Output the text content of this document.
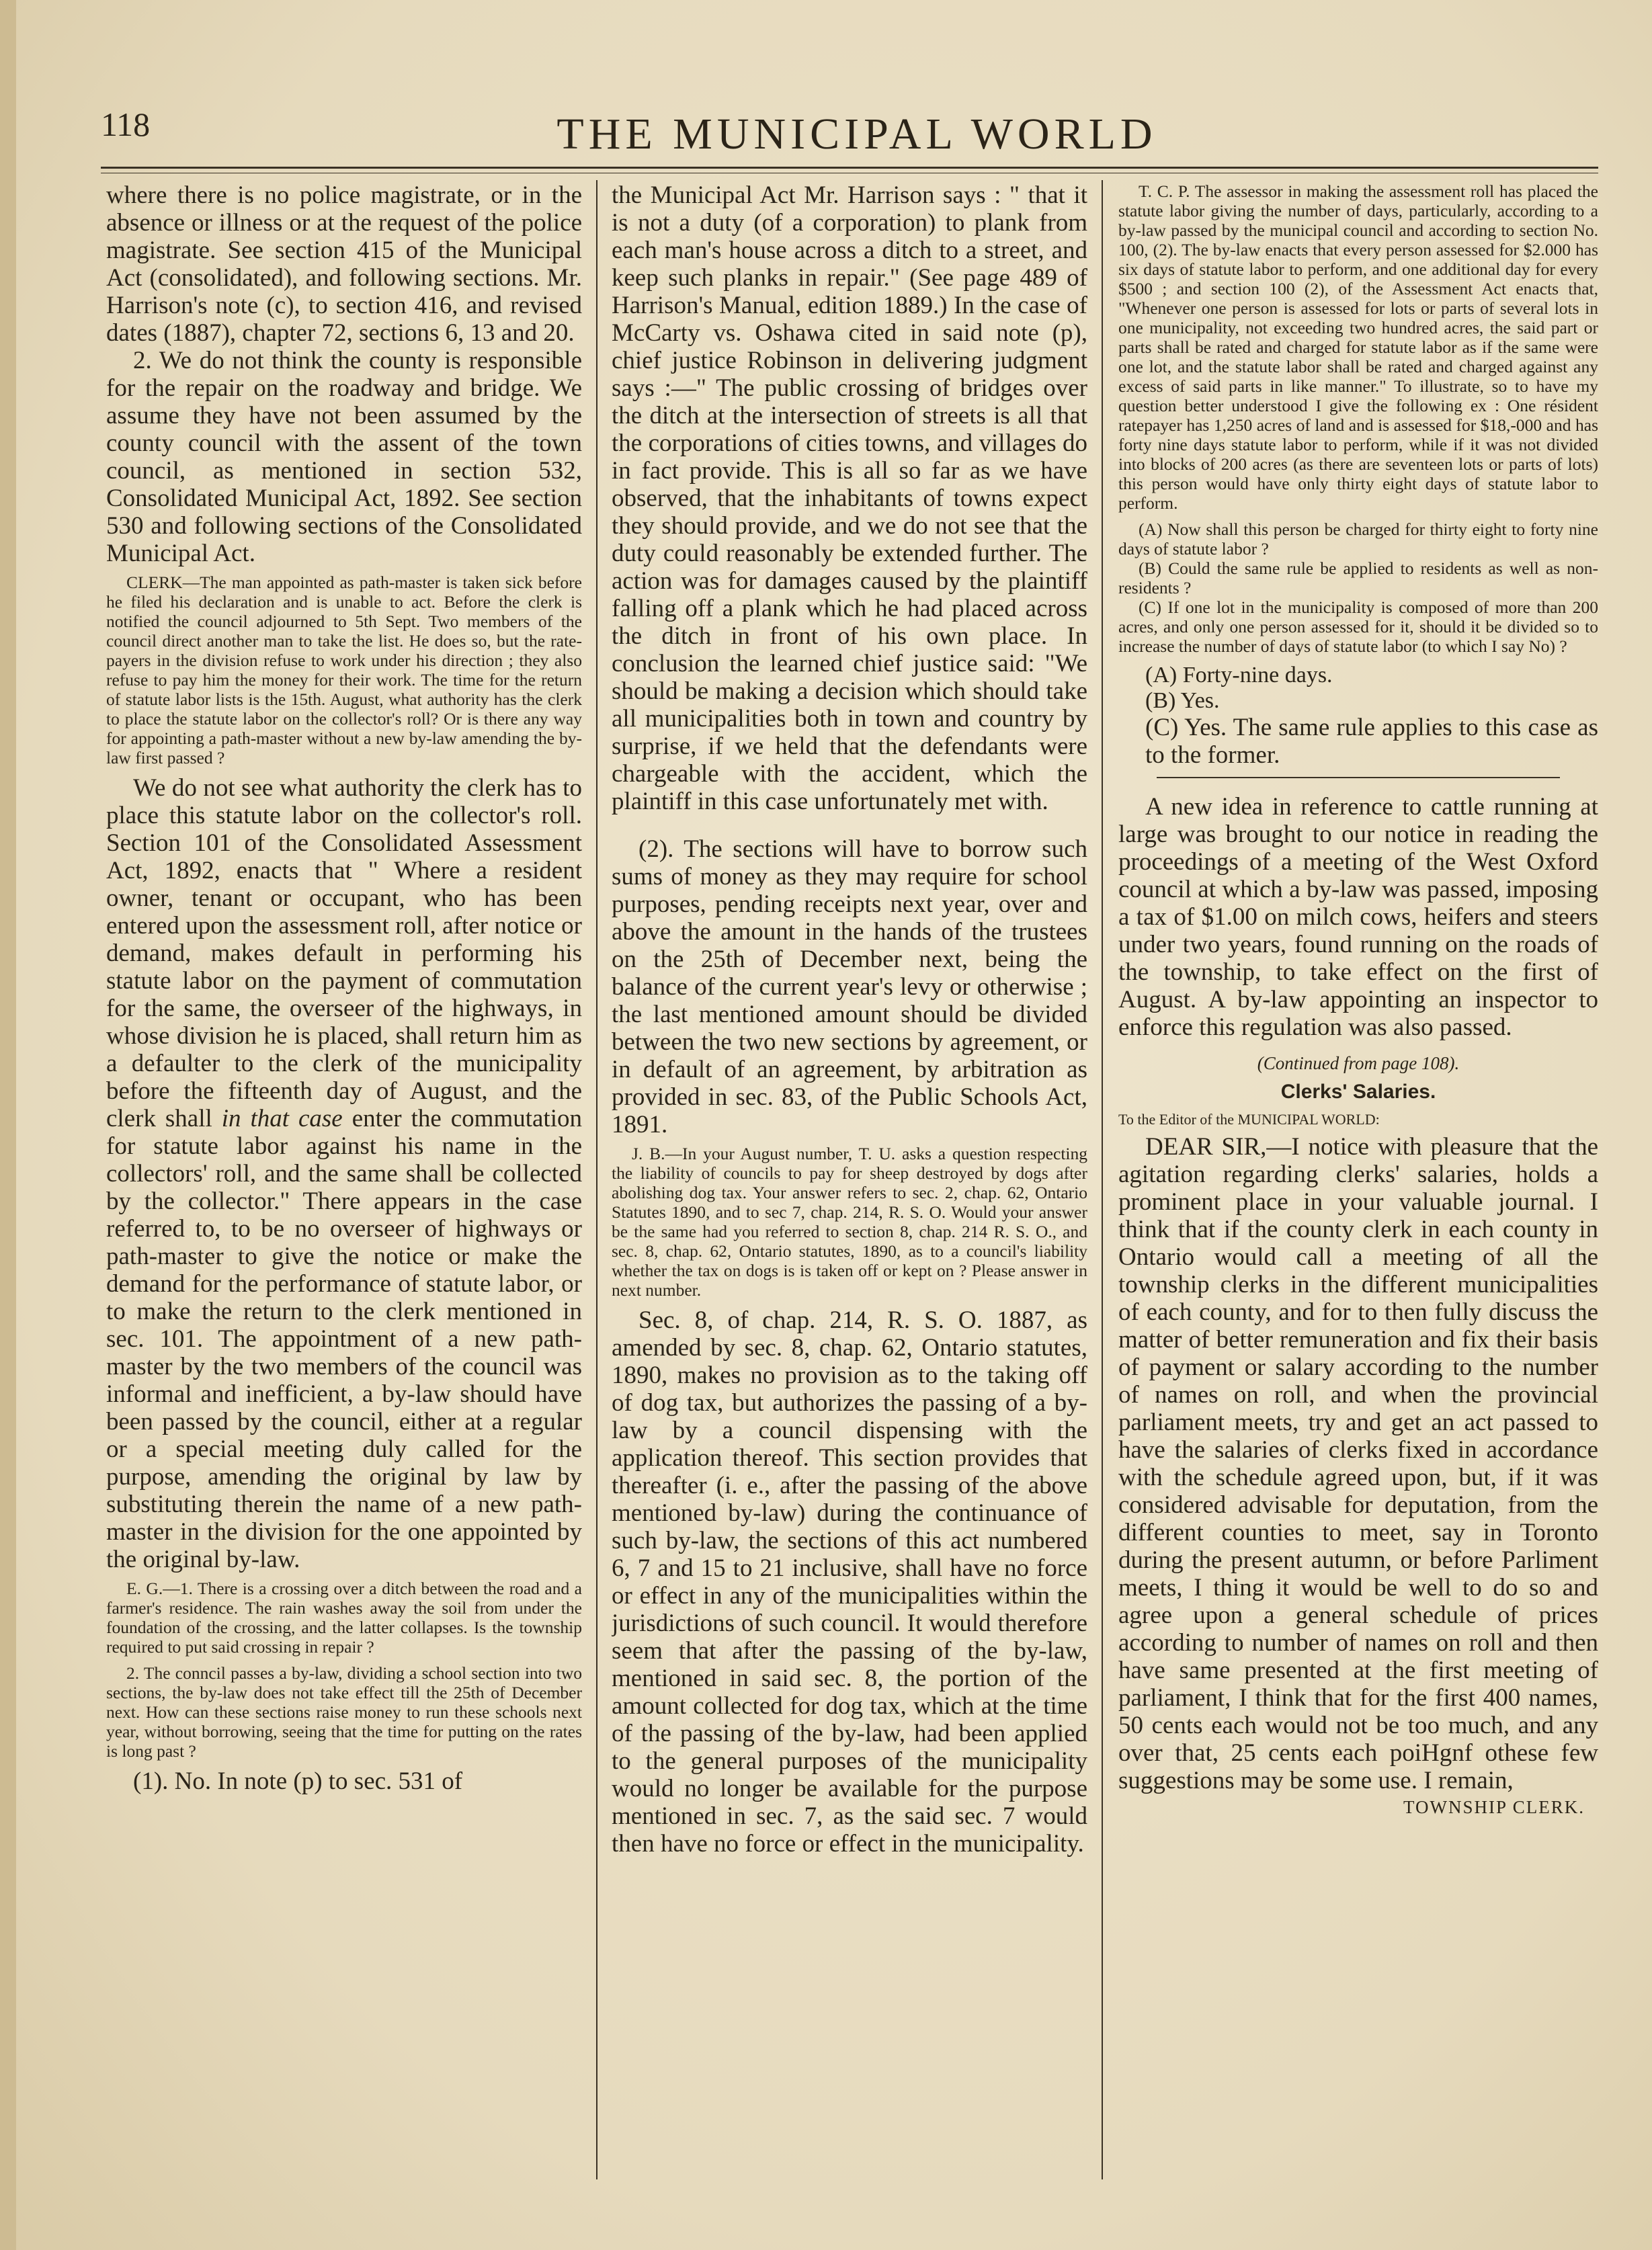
118	THE MUNICIPAL WORLD

where there is no police magistrate, or in the absence or illness or at the request of the police magistrate. See section 415 of the Municipal Act (consolidated), and following sections. Mr. Harrison's note (c), to section 416, and revised dates (1887), chapter 72, sections 6, 13 and 20.

2. We do not think the county is responsible for the repair on the roadway and bridge. We assume they have not been assumed by the county council with the assent of the town council, as mentioned in section 532, Consolidated Municipal Act, 1892. See section 530 and following sections of the Consolidated Municipal Act.

CLERK—The man appointed as path-master is taken sick before he filed his declaration and is unable to act. Before the clerk is notified the council adjourned to 5th Sept. Two members of the council direct another man to take the list. He does so, but the rate-payers in the division refuse to work under his direction ; they also refuse to pay him the money for their work. The time for the return of statute labor lists is the 15th. August, what authority has the clerk to place the statute labor on the collector's roll? Or is there any way for appointing a path-master without a new by-law amending the by-law first passed ?

We do not see what authority the clerk has to place this statute labor on the collector's roll. Section 101 of the Consolidated Assessment Act, 1892, enacts that " Where a resident owner, tenant or occupant, who has been entered upon the assessment roll, after notice or demand, makes default in performing his statute labor on the payment of commutation for the same, the overseer of the highways, in whose division he is placed, shall return him as a defaulter to the clerk of the municipality before the fifteenth day of August, and the clerk shall in that case enter the commutation for statute labor against his name in the collectors' roll, and the same shall be collected by the collector." There appears in the case referred to, to be no overseer of highways or path-master to give the notice or make the demand for the performance of statute labor, or to make the return to the clerk mentioned in sec. 101. The appointment of a new path-master by the two members of the council was informal and inefficient, a by-law should have been passed by the council, either at a regular or a special meeting duly called for the purpose, amending the original by law by substituting therein the name of a new path-master in the division for the one appointed by the original by-law.

E. G.—1. There is a crossing over a ditch between the road and a farmer's residence. The rain washes away the soil from under the foundation of the crossing, and the latter collapses. Is the township required to put said crossing in repair ?

2. The conncil passes a by-law, dividing a school section into two sections, the by-law does not take effect till the 25th of December next. How can these sections raise money to run these schools next year, without borrowing, seeing that the time for putting on the rates is long past ?

(1). No. In note (p) to sec. 531 of

the Municipal Act Mr. Harrison says : " that it is not a duty (of a corporation) to plank from each man's house across a ditch to a street, and keep such planks in repair." (See page 489 of Harrison's Manual, edition 1889.) In the case of McCarty vs. Oshawa cited in said note (p), chief justice Robinson in delivering judgment says :—" The public crossing of bridges over the ditch at the intersection of streets is all that the corporations of cities towns, and villages do in fact provide. This is all so far as we have observed, that the inhabitants of towns expect they should provide, and we do not see that the duty could reasonably be extended further. The action was for damages caused by the plaintiff falling off a plank which he had placed across the ditch in front of his own place. In conclusion the learned chief justice said: "We should be making a decision which should take all municipalities both in town and country by surprise, if we held that the defendants were chargeable with the accident, which the plaintiff in this case unfortunately met with.

(2). The sections will have to borrow such sums of money as they may require for school purposes, pending receipts next year, over and above the amount in the hands of the trustees on the 25th of December next, being the balance of the current year's levy or otherwise ; the last mentioned amount should be divided between the two new sections by agreement, or in default of an agreement, by arbitration as provided in sec. 83, of the Public Schools Act, 1891.

J. B.—In your August number, T. U. asks a question respecting the liability of councils to pay for sheep destroyed by dogs after abolishing dog tax. Your answer refers to sec. 2, chap. 62, Ontario Statutes 1890, and to sec 7, chap. 214, R. S. O. Would your answer be the same had you referred to section 8, chap. 214 R. S. O., and sec. 8, chap. 62, Ontario statutes, 1890, as to a council's liability whether the tax on dogs is is taken off or kept on ? Please answer in next number.

Sec. 8, of chap. 214, R. S. O. 1887, as amended by sec. 8, chap. 62, Ontario statutes, 1890, makes no provision as to the taking off of dog tax, but authorizes the passing of a by-law by a council dispensing with the application thereof. This section provides that thereafter (i. e., after the passing of the above mentioned by-law) during the continuance of such by-law, the sections of this act numbered 6, 7 and 15 to 21 inclusive, shall have no force or effect in any of the municipalities within the jurisdictions of such council. It would therefore seem that after the passing of the by-law, mentioned in said sec. 8, the portion of the amount collected for dog tax, which at the time of the passing of the by-law, had been applied to the general purposes of the municipality would no longer be available for the purpose mentioned in sec. 7, as the said sec. 7 would then have no force or effect in the municipality.

T. C. P. The assessor in making the assessment roll has placed the statute labor giving the number of days, particularly, according to a by-law passed by the municipal council and according to section No. 100, (2). The by-law enacts that every person assessed for $2.000 has six days of statute labor to perform, and one additional day for every $500 ; and section 100 (2), of the Assessment Act enacts that, "Whenever one person is assessed for lots or parts of several lots in one municipality, not exceeding two hundred acres, the said part or parts shall be rated and charged for statute labor as if the same were one lot, and the statute labor shall be rated and charged against any excess of said parts in like manner." To illustrate, so to have my question better understood I give the following ex : One résident ratepayer has 1,250 acres of land and is assessed for $18,-000 and has forty nine days statute labor to perform, while if it was not divided into blocks of 200 acres (as there are seventeen lots or parts of lots) this person would have only thirty eight days of statute labor to perform.

(A) Now shall this person be charged for thirty eight to forty nine days of statute labor ?

(B) Could the same rule be applied to residents as well as non-residents ?

(C) If one lot in the municipality is composed of more than 200 acres, and only one person assessed for it, should it be divided so to increase the number of days of statute labor (to which I say No) ?

(A) Forty-nine days.

(B) Yes.

(C) Yes. The same rule applies to this case as to the former.

A new idea in reference to cattle running at large was brought to our notice in reading the proceedings of a meeting of the West Oxford council at which a by-law was passed, imposing a tax of $1.00 on milch cows, heifers and steers under two years, found running on the roads of the township, to take effect on the first of August. A by-law appointing an inspector to enforce this regulation was also passed.

(Continued from page 108).

Clerks' Salaries.

To the Editor of the MUNICIPAL WORLD:

DEAR SIR,—I notice with pleasure that the agitation regarding clerks' salaries, holds a prominent place in your valuable journal. I think that if the county clerk in each county in Ontario would call a meeting of all the township clerks in the different municipalities of each county, and for to then fully discuss the matter of better remuneration and fix their basis of payment or salary according to the number of names on roll, and when the provincial parliament meets, try and get an act passed to have the salaries of clerks fixed in accordance with the schedule agreed upon, but, if it was considered advisable for deputation, from the different counties to meet, say in Toronto during the present autumn, or before Parliment meets, I thing it would be well to do so and agree upon a general schedule of prices according to number of names on roll and then have same presented at the first meeting of parliament, I think that for the first 400 names, 50 cents each would not be too much, and any over that, 25 cents each poiHgnf othese few suggestions may be some use. I remain,

TOWNSHIP CLERK.
